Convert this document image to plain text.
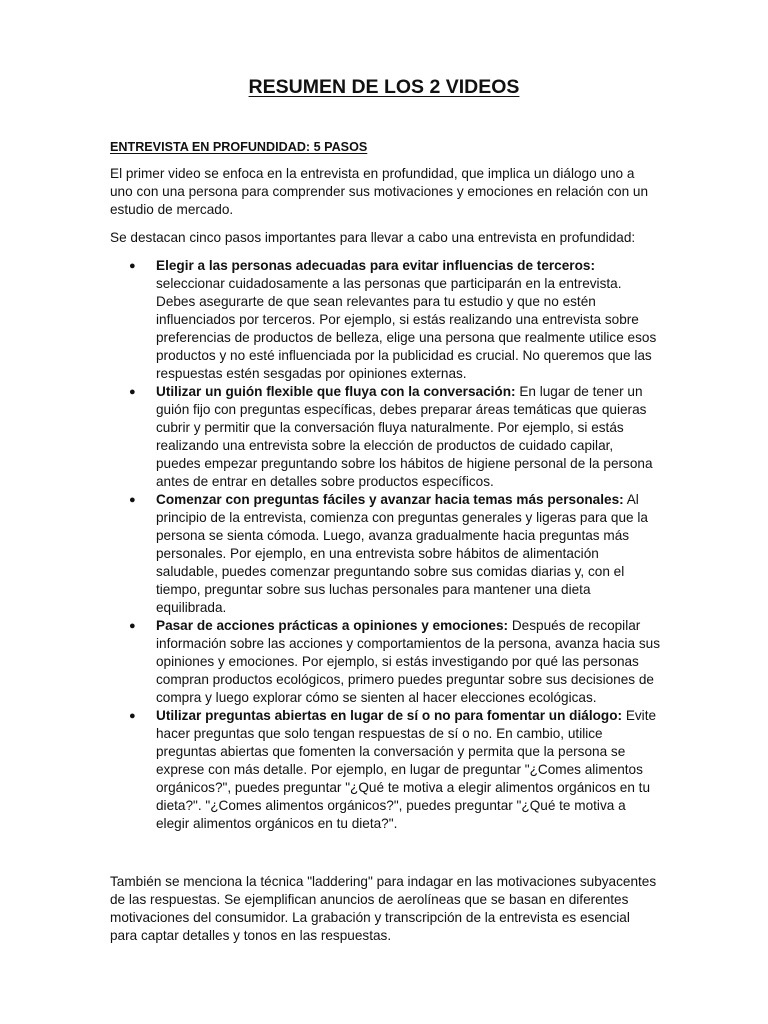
RESUMEN DE LOS 2 VIDEOS
ENTREVISTA EN PROFUNDIDAD: 5 PASOS

El primer video se enfoca en la entrevista en profundidad, que implica un diálogo uno a uno con una persona para comprender sus motivaciones y emociones en relación con un estudio de mercado.

Se destacan cinco pasos importantes para llevar a cabo una entrevista en profundidad:

● Elegir a las personas adecuadas para evitar influencias de terceros: seleccionar cuidadosamente a las personas que participarán en la entrevista. Debes asegurarte de que sean relevantes para tu estudio y que no estén influenciados por terceros. Por ejemplo, si estás realizando una entrevista sobre preferencias de productos de belleza, elige una persona que realmente utilice esos productos y no esté influenciada por la publicidad es crucial. No queremos que las respuestas estén sesgadas por opiniones externas.
● Utilizar un guión flexible que fluya con la conversación: En lugar de tener un guión fijo con preguntas específicas, debes preparar áreas temáticas que quieras cubrir y permitir que la conversación fluya naturalmente. Por ejemplo, si estás realizando una entrevista sobre la elección de productos de cuidado capilar, puedes empezar preguntando sobre los hábitos de higiene personal de la persona antes de entrar en detalles sobre productos específicos.
● Comenzar con preguntas fáciles y avanzar hacia temas más personales: Al principio de la entrevista, comienza con preguntas generales y ligeras para que la persona se sienta cómoda. Luego, avanza gradualmente hacia preguntas más personales. Por ejemplo, en una entrevista sobre hábitos de alimentación saludable, puedes comenzar preguntando sobre sus comidas diarias y, con el tiempo, preguntar sobre sus luchas personales para mantener una dieta equilibrada.
● Pasar de acciones prácticas a opiniones y emociones: Después de recopilar información sobre las acciones y comportamientos de la persona, avanza hacia sus opiniones y emociones. Por ejemplo, si estás investigando por qué las personas compran productos ecológicos, primero puedes preguntar sobre sus decisiones de compra y luego explorar cómo se sienten al hacer elecciones ecológicas.
● Utilizar preguntas abiertas en lugar de sí o no para fomentar un diálogo: Evite hacer preguntas que solo tengan respuestas de sí o no. En cambio, utilice preguntas abiertas que fomenten la conversación y permita que la persona se exprese con más detalle. Por ejemplo, en lugar de preguntar "¿Comes alimentos orgánicos?", puedes preguntar "¿Qué te motiva a elegir alimentos orgánicos en tu dieta?". "¿Comes alimentos orgánicos?", puedes preguntar "¿Qué te motiva a elegir alimentos orgánicos en tu dieta?".

También se menciona la técnica "laddering" para indagar en las motivaciones subyacentes de las respuestas. Se ejemplifican anuncios de aerolíneas que se basan en diferentes motivaciones del consumidor. La grabación y transcripción de la entrevista es esencial para captar detalles y tonos en las respuestas.
